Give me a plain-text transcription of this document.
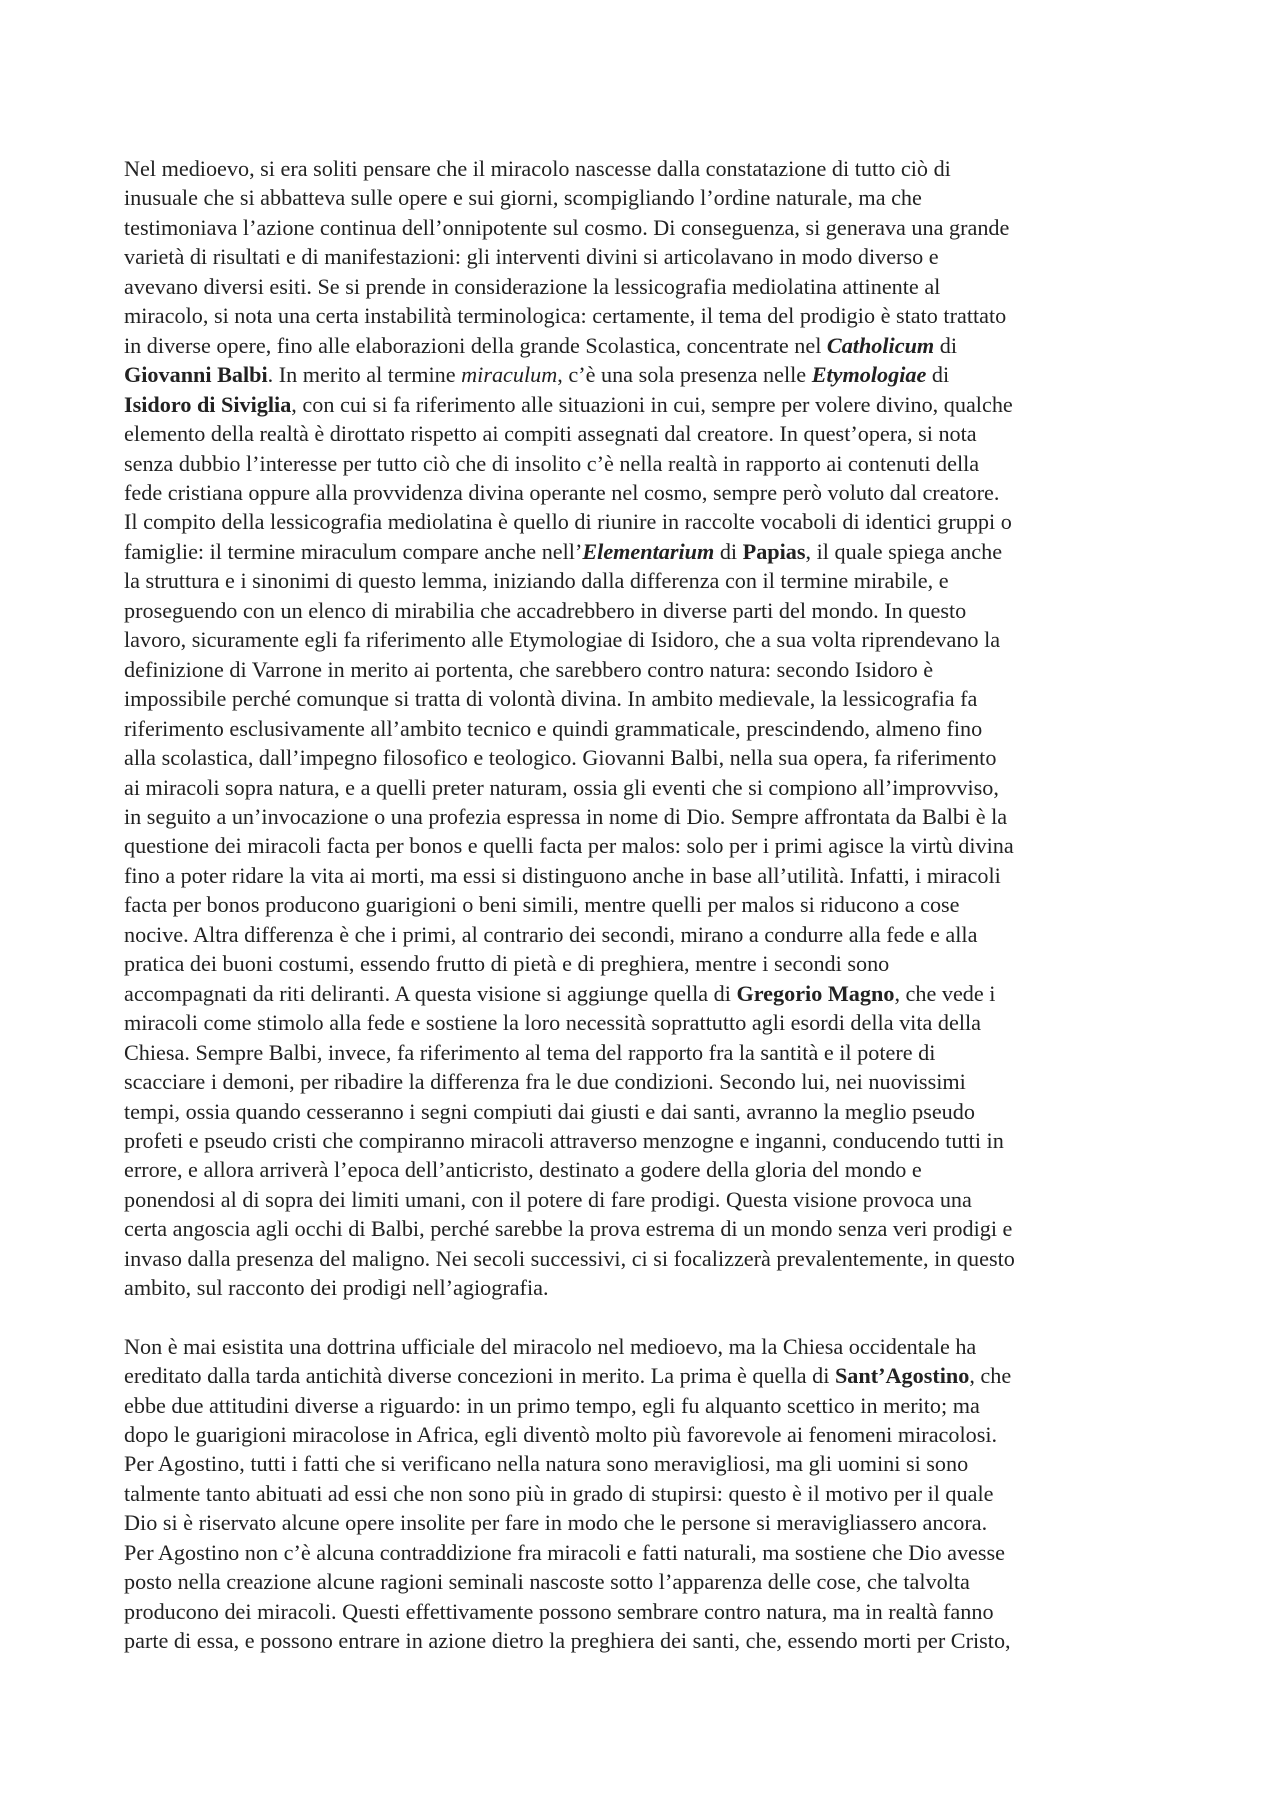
Nel medioevo, si era soliti pensare che il miracolo nascesse dalla constatazione di tutto ciò di
inusuale che si abbatteva sulle opere e sui giorni, scompigliando l’ordine naturale, ma che
testimoniava l’azione continua dell’onnipotente sul cosmo. Di conseguenza, si generava una grande
varietà di risultati e di manifestazioni: gli interventi divini si articolavano in modo diverso e
avevano diversi esiti. Se si prende in considerazione la lessicografia mediolatina attinente al
miracolo, si nota una certa instabilità terminologica: certamente, il tema del prodigio è stato trattato
in diverse opere, fino alle elaborazioni della grande Scolastica, concentrate nel Catholicum di
Giovanni Balbi. In merito al termine miraculum, c’è una sola presenza nelle Etymologiae di
Isidoro di Siviglia, con cui si fa riferimento alle situazioni in cui, sempre per volere divino, qualche
elemento della realtà è dirottato rispetto ai compiti assegnati dal creatore. In quest’opera, si nota
senza dubbio l’interesse per tutto ciò che di insolito c’è nella realtà in rapporto ai contenuti della
fede cristiana oppure alla provvidenza divina operante nel cosmo, sempre però voluto dal creatore.
Il compito della lessicografia mediolatina è quello di riunire in raccolte vocaboli di identici gruppi o
famiglie: il termine miraculum compare anche nell’Elementarium di Papias, il quale spiega anche
la struttura e i sinonimi di questo lemma, iniziando dalla differenza con il termine mirabile, e
proseguendo con un elenco di mirabilia che accadrebbero in diverse parti del mondo. In questo
lavoro, sicuramente egli fa riferimento alle Etymologiae di Isidoro, che a sua volta riprendevano la
definizione di Varrone in merito ai portenta, che sarebbero contro natura: secondo Isidoro è
impossibile perché comunque si tratta di volontà divina. In ambito medievale, la lessicografia fa
riferimento esclusivamente all’ambito tecnico e quindi grammaticale, prescindendo, almeno fino
alla scolastica, dall’impegno filosofico e teologico. Giovanni Balbi, nella sua opera, fa riferimento
ai miracoli sopra natura, e a quelli preter naturam, ossia gli eventi che si compiono all’improvviso,
in seguito a un’invocazione o una profezia espressa in nome di Dio. Sempre affrontata da Balbi è la
questione dei miracoli facta per bonos e quelli facta per malos: solo per i primi agisce la virtù divina
fino a poter ridare la vita ai morti, ma essi si distinguono anche in base all’utilità. Infatti, i miracoli
facta per bonos producono guarigioni o beni simili, mentre quelli per malos si riducono a cose
nocive. Altra differenza è che i primi, al contrario dei secondi, mirano a condurre alla fede e alla
pratica dei buoni costumi, essendo frutto di pietà e di preghiera, mentre i secondi sono
accompagnati da riti deliranti. A questa visione si aggiunge quella di Gregorio Magno, che vede i
miracoli come stimolo alla fede e sostiene la loro necessità soprattutto agli esordi della vita della
Chiesa. Sempre Balbi, invece, fa riferimento al tema del rapporto fra la santità e il potere di
scacciare i demoni, per ribadire la differenza fra le due condizioni. Secondo lui, nei nuovissimi
tempi, ossia quando cesseranno i segni compiuti dai giusti e dai santi, avranno la meglio pseudo
profeti e pseudo cristi che compiranno miracoli attraverso menzogne e inganni, conducendo tutti in
errore, e allora arriverà l’epoca dell’anticristo, destinato a godere della gloria del mondo e
ponendosi al di sopra dei limiti umani, con il potere di fare prodigi. Questa visione provoca una
certa angoscia agli occhi di Balbi, perché sarebbe la prova estrema di un mondo senza veri prodigi e
invaso dalla presenza del maligno. Nei secoli successivi, ci si focalizzerà prevalentemente, in questo
ambito, sul racconto dei prodigi nell’agiografia.

Non è mai esistita una dottrina ufficiale del miracolo nel medioevo, ma la Chiesa occidentale ha
ereditato dalla tarda antichità diverse concezioni in merito. La prima è quella di Sant’Agostino, che
ebbe due attitudini diverse a riguardo: in un primo tempo, egli fu alquanto scettico in merito; ma
dopo le guarigioni miracolose in Africa, egli diventò molto più favorevole ai fenomeni miracolosi.
Per Agostino, tutti i fatti che si verificano nella natura sono meravigliosi, ma gli uomini si sono
talmente tanto abituati ad essi che non sono più in grado di stupirsi: questo è il motivo per il quale
Dio si è riservato alcune opere insolite per fare in modo che le persone si meravigliassero ancora.
Per Agostino non c’è alcuna contraddizione fra miracoli e fatti naturali, ma sostiene che Dio avesse
posto nella creazione alcune ragioni seminali nascoste sotto l’apparenza delle cose, che talvolta
producono dei miracoli. Questi effettivamente possono sembrare contro natura, ma in realtà fanno
parte di essa, e possono entrare in azione dietro la preghiera dei santi, che, essendo morti per Cristo,
